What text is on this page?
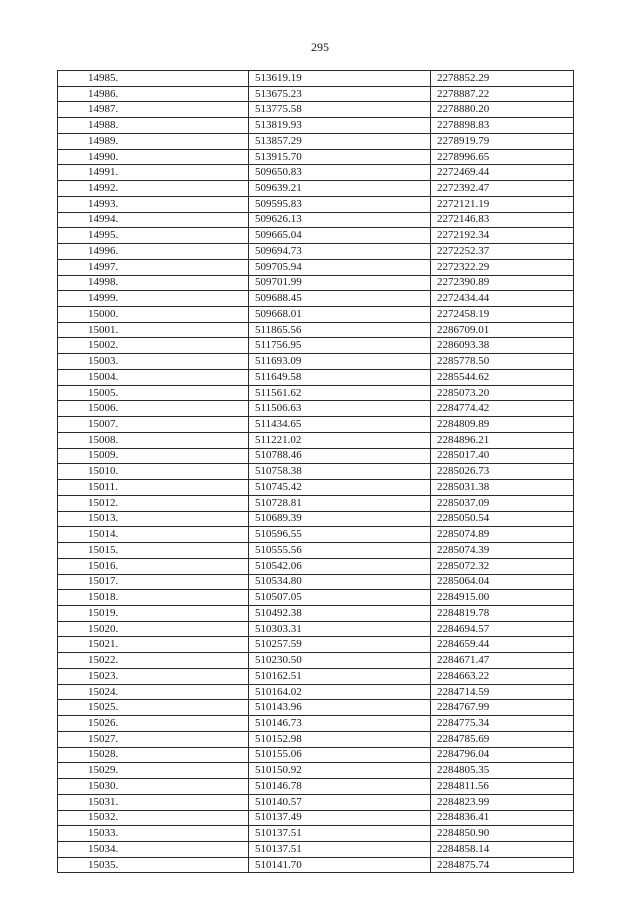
295
14985.	513619.19	2278852.29
14986.	513675.23	2278887.22
14987.	513775.58	2278880.20
14988.	513819.93	2278898.83
14989.	513857.29	2278919.79
14990.	513915.70	2278996.65
14991.	509650.83	2272469.44
14992.	509639.21	2272392.47
14993.	509595.83	2272121.19
14994.	509626.13	2272146.83
14995.	509665.04	2272192.34
14996.	509694.73	2272252.37
14997.	509705.94	2272322.29
14998.	509701.99	2272390.89
14999.	509688.45	2272434.44
15000.	509668.01	2272458.19
15001.	511865.56	2286709.01
15002.	511756.95	2286093.38
15003.	511693.09	2285778.50
15004.	511649.58	2285544.62
15005.	511561.62	2285073.20
15006.	511506.63	2284774.42
15007.	511434.65	2284809.89
15008.	511221.02	2284896.21
15009.	510788.46	2285017.40
15010.	510758.38	2285026.73
15011.	510745.42	2285031.38
15012.	510728.81	2285037.09
15013.	510689.39	2285050.54
15014.	510596.55	2285074.89
15015.	510555.56	2285074.39
15016.	510542.06	2285072.32
15017.	510534.80	2285064.04
15018.	510507.05	2284915.00
15019.	510492.38	2284819.78
15020.	510303.31	2284694.57
15021.	510257.59	2284659.44
15022.	510230.50	2284671.47
15023.	510162.51	2284663.22
15024.	510164.02	2284714.59
15025.	510143.96	2284767.99
15026.	510146.73	2284775.34
15027.	510152.98	2284785.69
15028.	510155.06	2284796.04
15029.	510150.92	2284805.35
15030.	510146.78	2284811.56
15031.	510140.57	2284823.99
15032.	510137.49	2284836.41
15033.	510137.51	2284850.90
15034.	510137.51	2284858.14
15035.	510141.70	2284875.74
